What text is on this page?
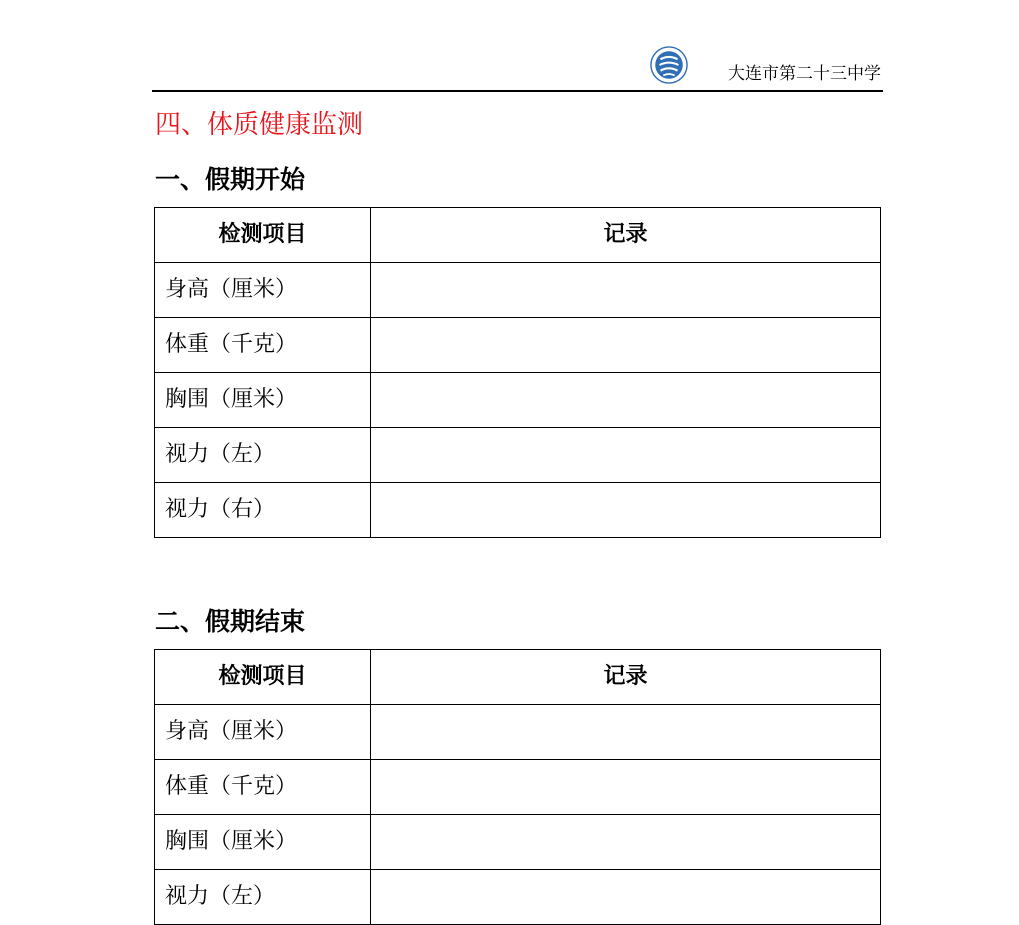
大连市第二十三中学
四、体质健康监测
一、假期开始
检测项目	记录
身高（厘米）	
体重（千克）	
胸围（厘米）	
视力（左）	
视力（右）	
二、假期结束
检测项目	记录
身高（厘米）	
体重（千克）	
胸围（厘米）	
视力（左）	
